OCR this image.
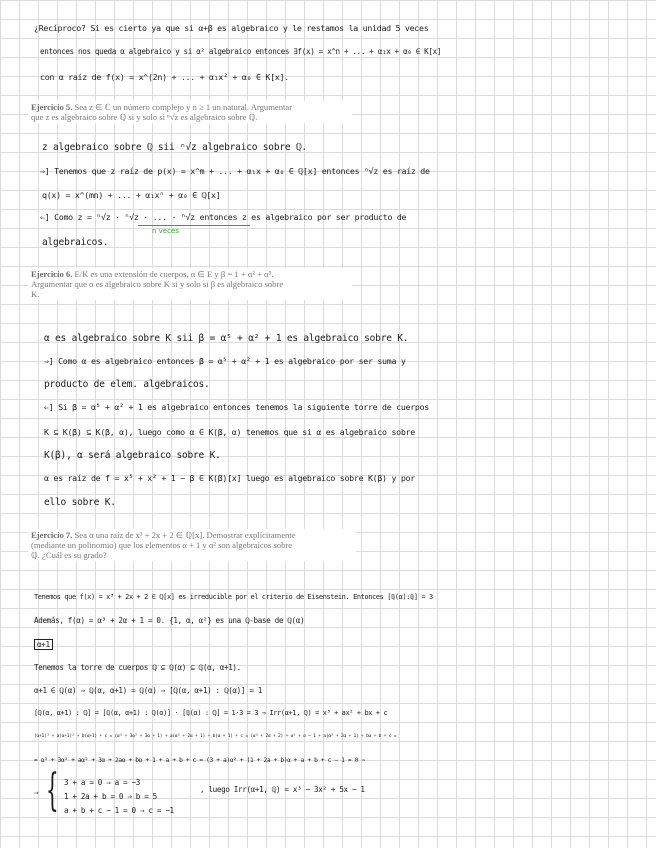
¿Recíproco? Si es cierto ya que si α+β es algebraico y le restamos la unidad 5 veces
entonces nos queda α algebraico y si α² algebraico entonces ∃f(x) = x^n + ... + α₁x + α₀ ∈ K[x]
con α raíz de f(x) = x^(2n) + ... + α₁x² + α₀ ∈ K[x].
Ejercicio 5. Sea z ∈ ℂ un número complejo y n ≥ 1 un natural. Argumentar
que z es algebraico sobre ℚ si y solo si ⁿ√z es algebraico sobre ℚ.
z algebraico sobre ℚ sii ⁿ√z algebraico sobre ℚ.
⇒] Tenemos que z raíz de p(x) = x^m + ... + α₁x + α₀ ∈ ℚ[x] entonces ⁿ√z es raíz de
q(x) = x^(mn) + ... + α₁xⁿ + α₀ ∈ ℚ[x]
⇐] Como z = ⁿ√z · ⁿ√z · ... · ⁿ√z entonces z es algebraico por ser producto de
n veces
algebraicos.
Ejercicio 6. E/K es una extensión de cuerpos, α ∈ E y β = 1 + α² + α⁵.
Argumentar que α es algebraico sobre K si y solo si β es algebraico sobre
K.
α es algebraico sobre K sii β = α⁵ + α² + 1 es algebraico sobre K.
⇒] Como α es algebraico entonces β = α⁵ + α² + 1 es algebraico por ser suma y
producto de elem. algebraicos.
⇐] Si β = α⁵ + α² + 1 es algebraico entonces tenemos la siguiente torre de cuerpos
K ⊆ K(β) ⊆ K(β, α), luego como α ∈ K(β, α) tenemos que si α es algebraico sobre
K(β), α será algebraico sobre K.
α es raíz de f = x⁵ + x² + 1 − β ∈ K(β)[x] luego es algebraico sobre K(β) y por
ello sobre K.
Ejercicio 7. Sea α una raíz de x³ + 2x + 2 ∈ ℚ[x]. Demostrar explícitamente
(mediante un polinomio) que los elementos α + 1 y α² son algebraicos sobre
ℚ. ¿Cuál es su grado?
Tenemos que f(x) = x³ + 2x + 2 ∈ ℚ[x] es irreducible por el criterio de Eisenstein. Entonces [ℚ(α):ℚ] = 3
Además, f(α) = α³ + 2α + 1 = 0. {1, α, α²} es una ℚ-base de ℚ(α)
α+1
Tenemos la torre de cuerpos ℚ ⊆ ℚ(α) ⊆ ℚ(α, α+1).
α+1 ∈ ℚ(α) ⇒ ℚ(α, α+1) = ℚ(α) ⇒ [ℚ(α, α+1) : ℚ(α)] = 1
[ℚ(α, α+1) : ℚ] = [ℚ(α, α+1) : ℚ(α)] · [ℚ(α) : ℚ] = 1·3 = 3 ⇒ Irr(α+1, ℚ) = x³ + ax² + bx + c
(α+1)³ + a(α+1)² + b(α+1) + c = (α³ + 3α² + 3α + 1) + a(α² + 2α + 1) + b(α + 1) + c = (α³ + 2α + 2) + α² + α − 1 + a(α² + 2α + 1) + bα + b + c =
= α³ + 3α² + aα² + 3α + 2aα + bα + 1 + a + b + c = (3 + a)α² + (1 + 2a + b)α + a + b + c − 1 = 0 ⇒
⇒ { 3 + a = 0 ⇒ a = −3
1 + 2a + b = 0 ⇒ b = 5
a + b + c − 1 = 0 ⇒ c = −1
, luego Irr(α+1, ℚ) = x³ − 3x² + 5x − 1
